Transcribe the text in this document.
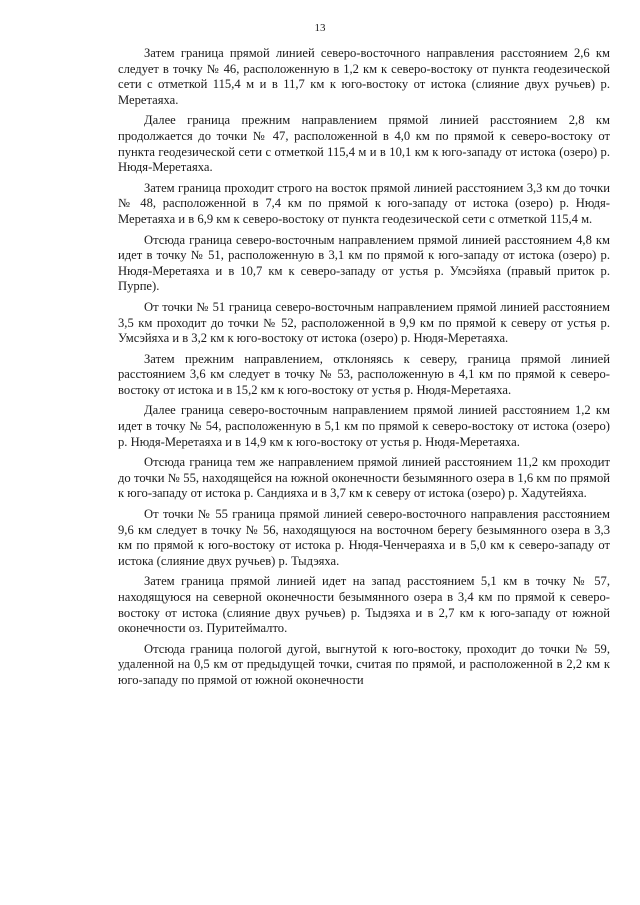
13

Затем граница прямой линией северо-восточного направления расстоянием 2,6 км следует в точку № 46, расположенную в 1,2 км к северо-востоку от пункта геодезической сети с отметкой 115,4 м и в 11,7 км к юго-востоку от истока (слияние двух ручьев) р. Меретаяха.

Далее граница прежним направлением прямой линией расстоянием 2,8 км продолжается до точки № 47, расположенной в 4,0 км по прямой к северо-востоку от пункта геодезической сети с отметкой 115,4 м и в 10,1 км к юго-западу от истока (озеро) р. Нюдя-Меретаяха.

Затем граница проходит строго на восток прямой линией расстоянием 3,3 км до точки № 48, расположенной в 7,4 км по прямой к юго-западу от истока (озеро) р. Нюдя-Меретаяха и в 6,9 км к северо-востоку от пункта геодезической сети с отметкой 115,4 м.

Отсюда граница северо-восточным направлением прямой линией расстоянием 4,8 км идет в точку № 51, расположенную в 3,1 км по прямой к юго-западу от истока (озеро) р. Нюдя-Меретаяха и в 10,7 км к северо-западу от устья р. Умсэйяха (правый приток р. Пурпе).

От точки № 51 граница северо-восточным направлением прямой линией расстоянием 3,5 км проходит до точки № 52, расположенной в 9,9 км по прямой к северу от устья р. Умсэйяха и в 3,2 км к юго-востоку от истока (озеро) р. Нюдя-Меретаяха.

Затем прежним направлением, отклоняясь к северу, граница прямой линией расстоянием 3,6 км следует в точку № 53, расположенную в 4,1 км по прямой к северо-востоку от истока и в 15,2 км к юго-востоку от устья р. Нюдя-Меретаяха.

Далее граница северо-восточным направлением прямой линией расстоянием 1,2 км идет в точку № 54, расположенную в 5,1 км по прямой к северо-востоку от истока (озеро) р. Нюдя-Меретаяха и в 14,9 км к юго-востоку от устья р. Нюдя-Меретаяха.

Отсюда граница тем же направлением прямой линией расстоянием 11,2 км проходит до точки № 55, находящейся на южной оконечности безымянного озера в 1,6 км по прямой к юго-западу от истока р. Сандияха и в 3,7 км к северу от истока (озеро) р. Хадутейяха.

От точки № 55 граница прямой линией северо-восточного направления расстоянием 9,6 км следует в точку № 56, находящуюся на восточном берегу безымянного озера в 3,3 км по прямой к юго-востоку от истока р. Нюдя-Ченчераяха и в 5,0 км к северо-западу от истока (слияние двух ручьев) р. Тыдэяха.

Затем граница прямой линией идет на запад расстоянием 5,1 км в точку № 57, находящуюся на северной оконечности безымянного озера в 3,4 км по прямой к северо-востоку от истока (слияние двух ручьев) р. Тыдэяха и в 2,7 км к юго-западу от южной оконечности оз. Пуритеймалто.

Отсюда граница пологой дугой, выгнутой к юго-востоку, проходит до точки № 59, удаленной на 0,5 км от предыдущей точки, считая по прямой, и расположенной в 2,2 км к юго-западу по прямой от южной оконечности
